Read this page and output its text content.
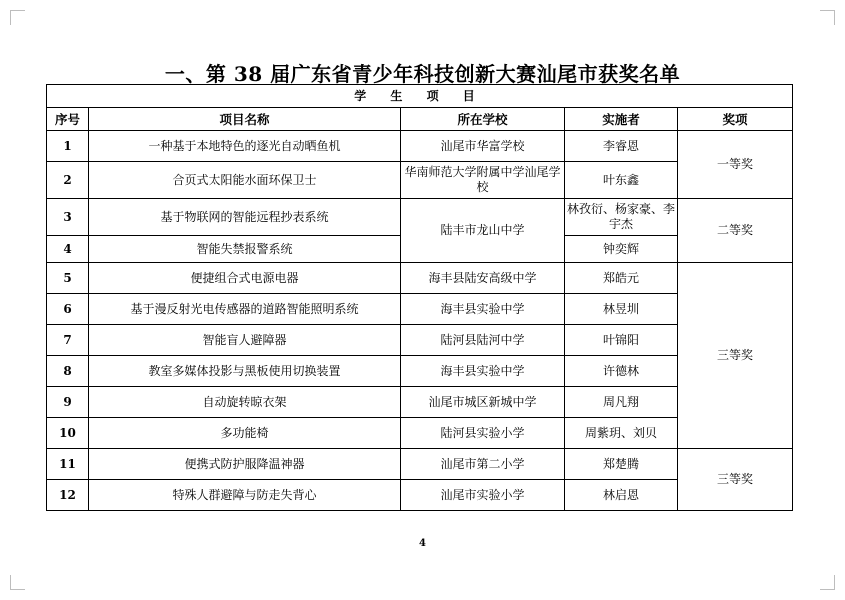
一、第 38 届广东省青少年科技创新大赛汕尾市获奖名单
学 生 项 目				
序号	项目名称	所在学校	实施者	奖项
1	一种基于本地特色的逐光自动晒鱼机	汕尾市华富学校	李睿恩	一等奖
2	合页式太阳能水面环保卫士	华南师范大学附属中学汕尾学校	叶东鑫	
3	基于物联网的智能远程抄表系统	陆丰市龙山中学	林孜衍、杨家豪、李宇杰	二等奖
4	智能失禁报警系统		钟奕辉	
5	便捷组合式电源电器	海丰县陆安高级中学	郑皓元	三等奖
6	基于漫反射光电传感器的道路智能照明系统	海丰县实验中学	林昱圳	
7	智能盲人避障器	陆河县陆河中学	叶锦阳	
8	教室多媒体投影与黑板使用切换装置	海丰县实验中学	许德林	
9	自动旋转晾衣架	汕尾市城区新城中学	周凡翔	
10	多功能椅	陆河县实验小学	周紫玥、刘贝	
11	便携式防护服降温神器	汕尾市第二小学	郑楚腾	三等奖
12	特殊人群避障与防走失背心	汕尾市实验小学	林启恩	
4
